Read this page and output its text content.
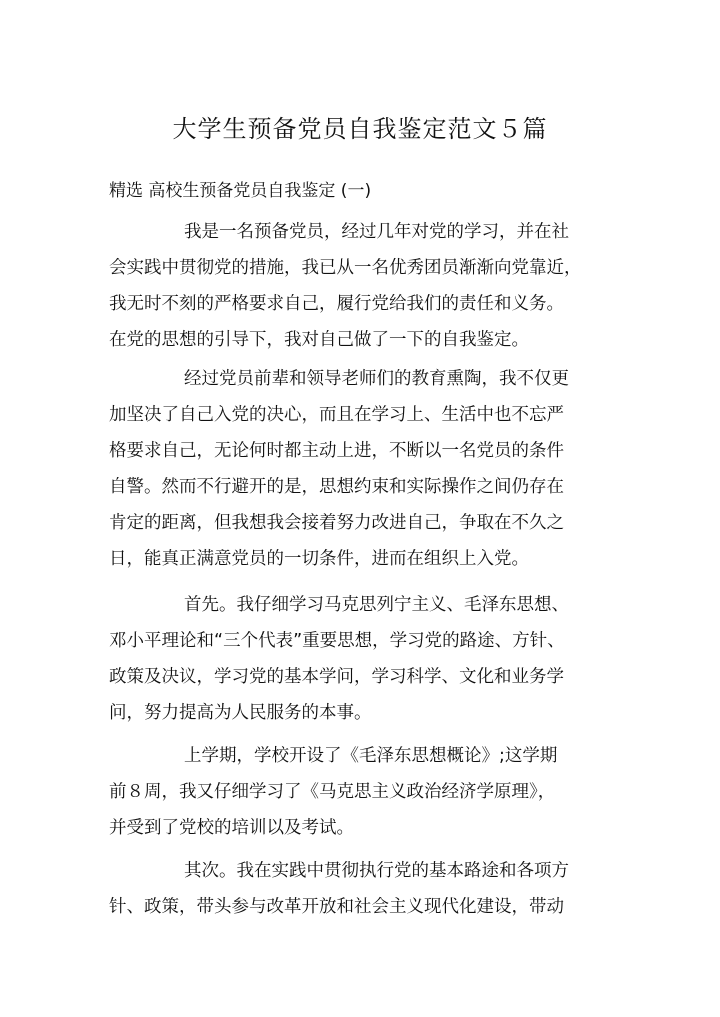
大学生预备党员自我鉴定范文５篇
精选 高校生预备党员自我鉴定 (一)
我是一名预备党员，经过几年对党的学习，并在社
会实践中贯彻党的措施，我已从一名优秀团员渐渐向党靠近，
我无时不刻的严格要求自己，履行党给我们的责任和义务。
在党的思想的引导下，我对自己做了一下的自我鉴定。
经过党员前辈和领导老师们的教育熏陶，我不仅更
加坚决了自己入党的决心，而且在学习上、生活中也不忘严
格要求自己，无论何时都主动上进，不断以一名党员的条件
自警。然而不行避开的是，思想约束和实际操作之间仍存在
肯定的距离，但我想我会接着努力改进自己，争取在不久之
日，能真正满意党员的一切条件，进而在组织上入党。
首先。我仔细学习马克思列宁主义、毛泽东思想、
邓小平理论和“三个代表”重要思想，学习党的路途、方针、
政策及决议，学习党的基本学问，学习科学、文化和业务学
问，努力提高为人民服务的本事。
上学期，学校开设了《毛泽东思想概论》;这学期
前８周，我又仔细学习了《马克思主义政治经济学原理》，
并受到了党校的培训以及考试。
其次。我在实践中贯彻执行党的基本路途和各项方
针、政策，带头参与改革开放和社会主义现代化建设，带动
